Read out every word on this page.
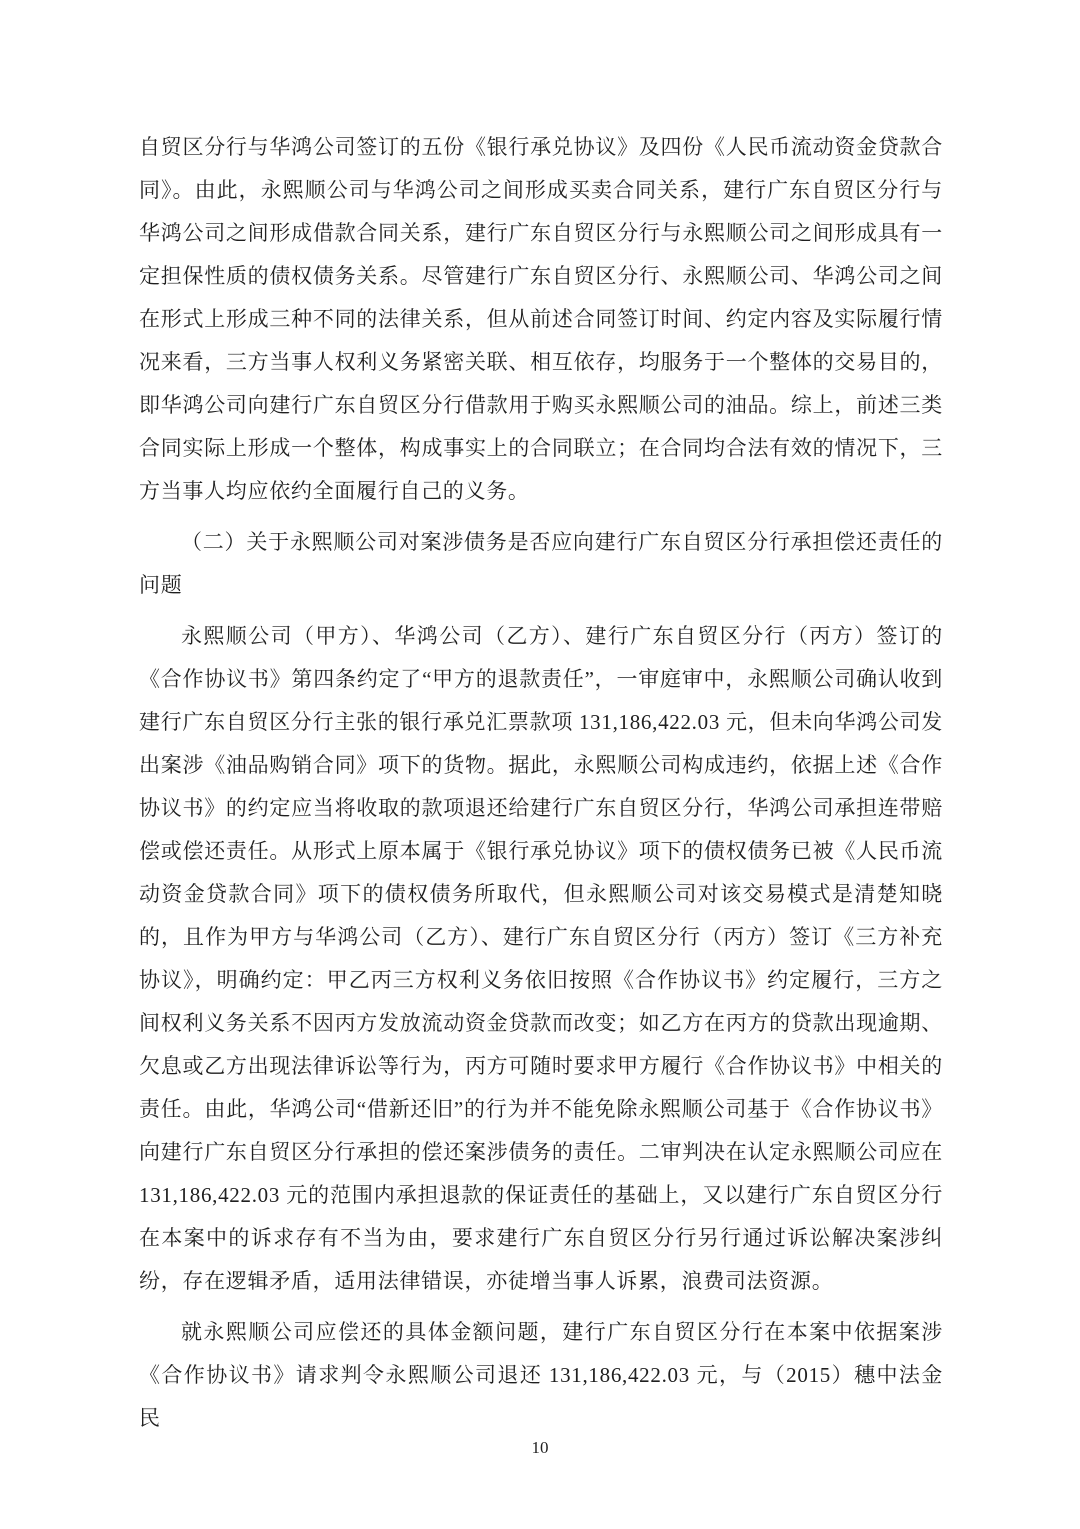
自贸区分行与华鸿公司签订的五份《银行承兑协议》及四份《人民币流动资金贷款合同》。由此，永熙顺公司与华鸿公司之间形成买卖合同关系，建行广东自贸区分行与华鸿公司之间形成借款合同关系，建行广东自贸区分行与永熙顺公司之间形成具有一定担保性质的债权债务关系。尽管建行广东自贸区分行、永熙顺公司、华鸿公司之间在形式上形成三种不同的法律关系，但从前述合同签订时间、约定内容及实际履行情况来看，三方当事人权利义务紧密关联、相互依存，均服务于一个整体的交易目的，即华鸿公司向建行广东自贸区分行借款用于购买永熙顺公司的油品。综上，前述三类合同实际上形成一个整体，构成事实上的合同联立；在合同均合法有效的情况下，三方当事人均应依约全面履行自己的义务。

（二）关于永熙顺公司对案涉债务是否应向建行广东自贸区分行承担偿还责任的问题

永熙顺公司（甲方）、华鸿公司（乙方）、建行广东自贸区分行（丙方）签订的《合作协议书》第四条约定了“甲方的退款责任”，一审庭审中，永熙顺公司确认收到建行广东自贸区分行主张的银行承兑汇票款项 131,186,422.03 元，但未向华鸿公司发出案涉《油品购销合同》项下的货物。据此，永熙顺公司构成违约，依据上述《合作协议书》的约定应当将收取的款项退还给建行广东自贸区分行，华鸿公司承担连带赔偿或偿还责任。从形式上原本属于《银行承兑协议》项下的债权债务已被《人民币流动资金贷款合同》项下的债权债务所取代，但永熙顺公司对该交易模式是清楚知晓的，且作为甲方与华鸿公司（乙方）、建行广东自贸区分行（丙方）签订《三方补充协议》，明确约定：甲乙丙三方权利义务依旧按照《合作协议书》约定履行，三方之间权利义务关系不因丙方发放流动资金贷款而改变；如乙方在丙方的贷款出现逾期、欠息或乙方出现法律诉讼等行为，丙方可随时要求甲方履行《合作协议书》中相关的责任。由此，华鸿公司“借新还旧”的行为并不能免除永熙顺公司基于《合作协议书》向建行广东自贸区分行承担的偿还案涉债务的责任。二审判决在认定永熙顺公司应在 131,186,422.03 元的范围内承担退款的保证责任的基础上，又以建行广东自贸区分行在本案中的诉求存有不当为由，要求建行广东自贸区分行另行通过诉讼解决案涉纠纷，存在逻辑矛盾，适用法律错误，亦徒增当事人诉累，浪费司法资源。

就永熙顺公司应偿还的具体金额问题，建行广东自贸区分行在本案中依据案涉《合作协议书》请求判令永熙顺公司退还 131,186,422.03 元，与（2015）穗中法金民

10
